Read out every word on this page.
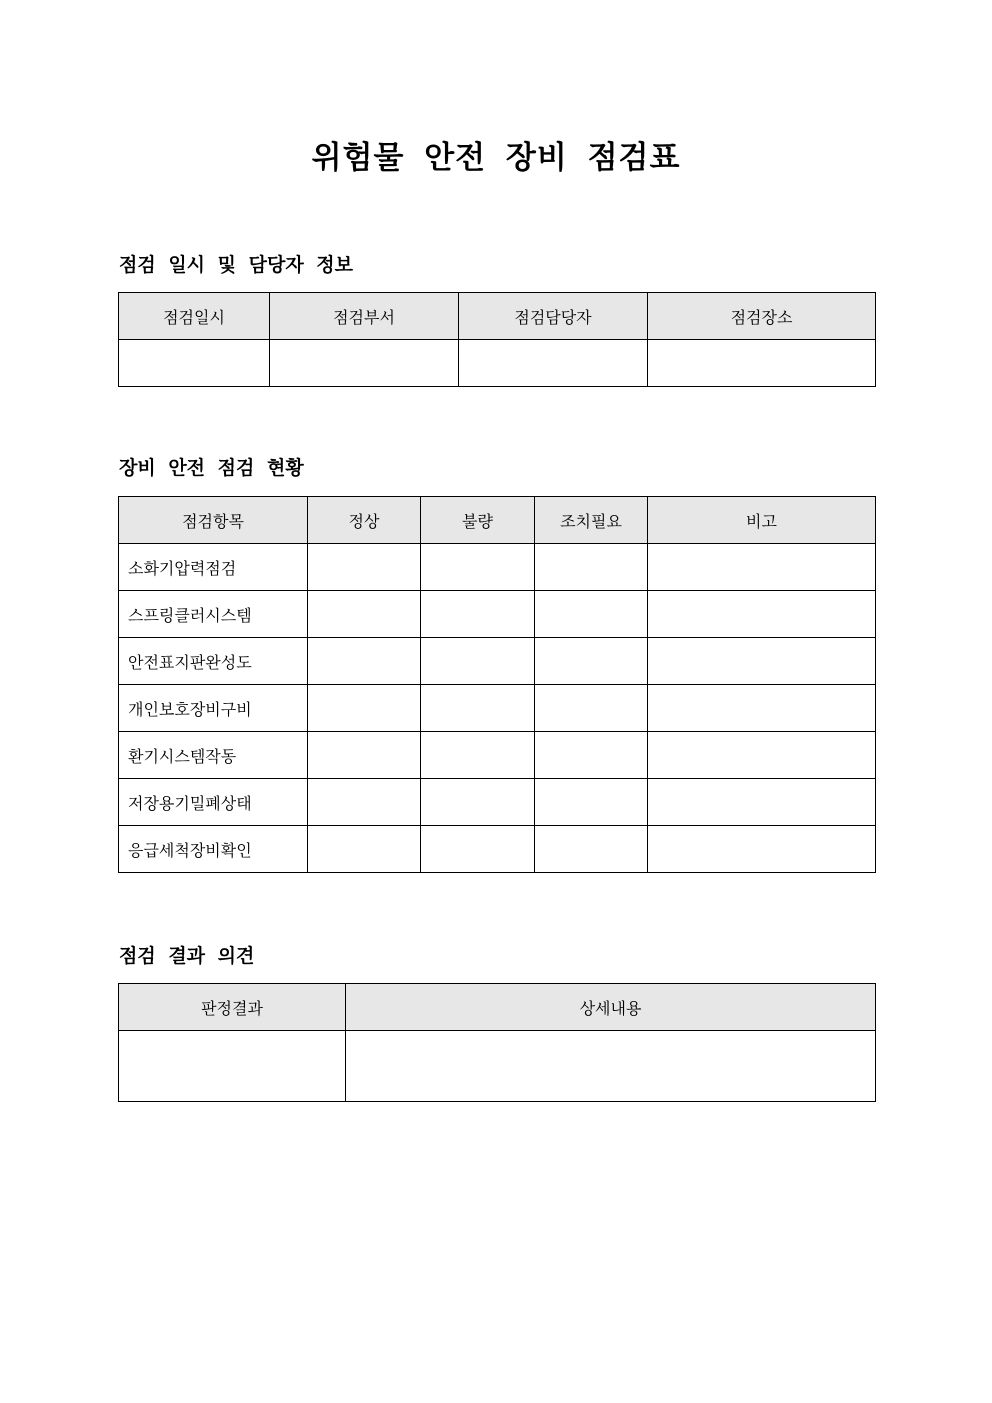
위험물 안전 장비 점검표
점검 일시 및 담당자 정보
점검일시	점검부서	점검담당자	점검장소

장비 안전 점검 현황
점검항목	정상	불량	조치필요	비고
소화기압력점검	

스프링클러시스템	

안전표지판완성도	

개인보호장비구비	

환기시스템작동	

저장용기밀폐상태	

응급세척장비확인	

점검 결과 의견
판정결과	상세내용
